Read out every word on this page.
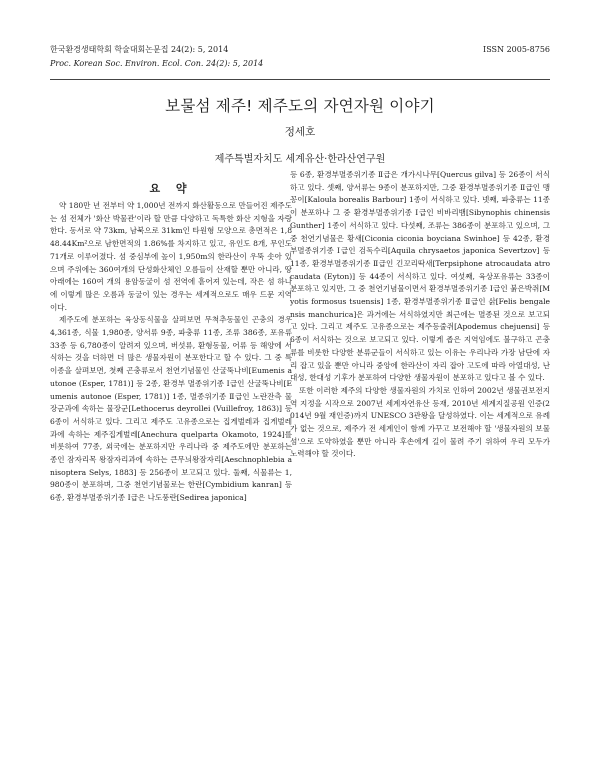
한국환경생태학회 학술대회논문집 24(2): 5, 2014
Proc. Korean Soc. Environ. Ecol. Con. 24(2): 5, 2014
ISSN 2005-8756
보물섬 제주! 제주도의 자연자원 이야기
정세호
제주특별자치도 세계유산·한라산연구원
요 약

약 180만 년 전부터 약 1,000년 전까지 화산활동으로 만들어진 제주도는 섬 전체가 '화산 박물관'이라 할 만큼 다양하고 독특한 화산 지형을 자랑한다. 동서로 약 73km, 남북으로 31km인 타원형 모양으로 총면적은 1,848.44Km²으로 남한면적의 1.86%를 차지하고 있고, 유인도 8개, 무인도 71개로 이루어졌다. 섬 중심부에 높이 1,950m의 한라산이 우뚝 솟아 있으며 주위에는 360여개의 단성화산체인 오름들이 산재할 뿐만 아니라, 땅 아래에는 160여 개의 용암동굴이 섬 전역에 흩어져 있는데, 작은 섬 하나에 이렇게 많은 오름과 동굴이 있는 경우는 세계적으로도 매우 드문 지역이다.

제주도에 분포하는 육상동식물을 살펴보면 무척추동물인 곤충의 경우 4,361종, 식물 1,980종, 양서류 9종, 파충류 11종, 조류 386종, 포유류 33종 등 6,780종이 알려져 있으며, 버섯류, 환형동물, 어류 등 해양에 서식하는 것을 더하면 더 많은 생물자원이 분포한다고 할 수 있다. 그 중 특이종을 살펴보면, 첫째 곤충류로서 천연기념물인 산굴뚝나비[Eumenis autonoe (Esper, 1781)] 등 2종, 환경부 멸종위기종 Ⅰ급인 산굴뚝나비[Eumenis autonoe (Esper, 1781)] 1종, 멸종위기종 Ⅱ급인 노란잔측 물장군과에 속하는 물장군[Lethocerus deyrollei (Vuillefroy, 1863)] 등 6종이 서식하고 있다. 그리고 제주도 고유종으로는 집게벌레과 집게벌레과에 속하는 제주집게벌레[Anechura quelparta Okamoto, 1924]를 비롯하여 77종, 외국에는 분포하지만 우리나라 중 제주도에만 분포하는 종인 잠자리목 왕잠자리과에 속하는 큰무늬왕잠자리[Aeschnophlebia anisoptera Selys, 1883] 등 256종이 보고되고 있다. 둘째, 식물류는 1,980종이 분포하며, 그중 천연기념물로는 한란[Cymbidium kanran] 등 6종, 환경부멸종위기종 Ⅰ급은 나도풍란[Sedirea japonica]

등 6종, 환경부멸종위기종 Ⅱ급은 개가시나무[Quercus gilva] 등 26종이 서식하고 있다. 셋째, 양서류는 9종이 분포하지만, 그중 환경부멸종위기종 Ⅱ급인 맹꽁이[Kaloula borealis Barbour] 1종이 서식하고 있다. 넷째, 파충류는 11종이 분포하나 그 중 환경부멸종위기종 Ⅰ급인 비바리뱀[Sibynophis chinensis Gunther] 1종이 서식하고 있다. 다섯째, 조류는 386종이 분포하고 있으며, 그 중 천연기념물은 황새[Ciconia ciconia boyciana Swinhoe] 등 42종, 환경부멸종위기종 Ⅰ급인 검독수리[Aquila chrysaetos japonica Severtzov] 등 11종, 환경부멸종위기종 Ⅱ급인 긴꼬리딱새[Terpsiphone atrocaudata atrocaudata (Eyton)] 등 44종이 서식하고 있다. 여섯째, 육상포유류는 33종이 분포하고 있지만, 그 중 천연기념물이면서 환경부멸종위기종 Ⅰ급인 붉은박쥐[Myotis formosus tsuensis] 1종, 환경부멸종위기종 Ⅱ급인 삵[Felis bengalensis manchurica]은 과거에는 서식하였지만 최근에는 멸종된 것으로 보고되고 있다. 그리고 제주도 고유종으로는 제주등줄쥐[Apodemus chejuensi] 등 6종이 서식하는 것으로 보고되고 있다. 이렇게 좁은 지역임에도 불구하고 곤충류를 비롯한 다양한 분류군들이 서식하고 있는 이유는 우리나라 가장 남단에 자리 잡고 있을 뿐만 아니라 중앙에 한라산이 자리 잡아 고도에 따라 아열대성, 난대성, 한대성 기후가 분포하여 다양한 생물자원이 분포하고 있다고 볼 수 있다.

또한 이러한 제주의 다양한 생물자원의 가치로 인하여 2002년 생물권보전지역 지정을 시작으로 2007년 세계자연유산 등재, 2010년 세계지질공원 인증(2014년 9월 재인증)까지 UNESCO 3관왕을 달성하였다. 이는 세계적으로 유례가 없는 것으로, 제주가 전 세계인이 함께 가꾸고 보전해야 할 '생물자원의 보물섬'으로 도약하였을 뿐만 아니라 후손에게 길이 물려 주기 위하여 우리 모두가 노력해야 할 것이다.
